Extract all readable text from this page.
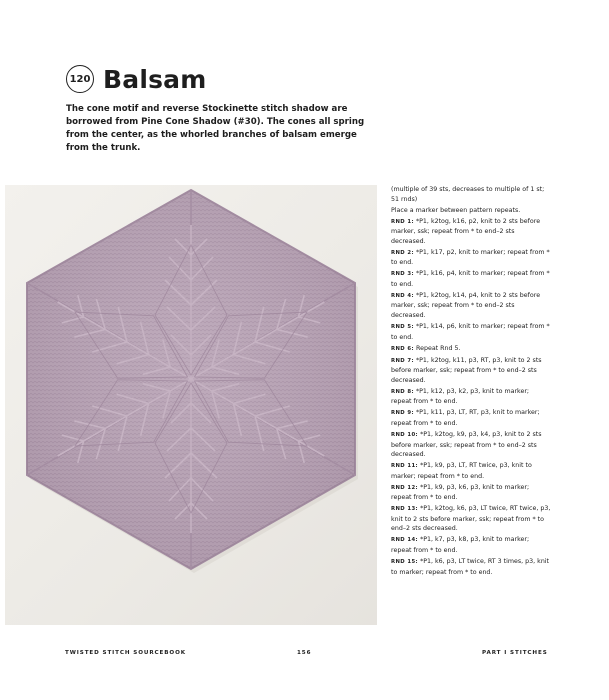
120 Balsam

The cone motif and reverse Stockinette stitch shadow are borrowed from Pine Cone Shadow (#30). The cones all spring from the center, as the whorled branches of balsam emerge from the trunk.

(multiple of 39 sts, decreases to multiple of 1 st; 51 rnds)

Place a marker between pattern repeats.

RND 1: *P1, k2tog, k16, p2, knit to 2 sts before marker, ssk; repeat from * to end–2 sts decreased.

RND 2: *P1, k17, p2, knit to marker; repeat from * to end.

RND 3: *P1, k16, p4, knit to marker; repeat from * to end.

RND 4: *P1, k2tog, k14, p4, knit to 2 sts before marker, ssk; repeat from * to end–2 sts decreased.

RND 5: *P1, k14, p6, knit to marker; repeat from * to end.

RND 6: Repeat Rnd 5.

RND 7: *P1, k2tog, k11, p3, RT, p3, knit to 2 sts before marker, ssk; repeat from * to end–2 sts decreased.

RND 8: *P1, k12, p3, k2, p3, knit to marker; repeat from * to end.

RND 9: *P1, k11, p3, LT, RT, p3, knit to marker; repeat from * to end.

RND 10: *P1, k2tog, k9, p3, k4, p3, knit to 2 sts before marker, ssk; repeat from * to end–2 sts decreased.

RND 11: *P1, k9, p3, LT, RT twice, p3, knit to marker; repeat from * to end.

RND 12: *P1, k9, p3, k6, p3, knit to marker; repeat from * to end.

RND 13: *P1, k2tog, k6, p3, LT twice, RT twice, p3, knit to 2 sts before marker, ssk; repeat from * to end–2 sts decreased.

RND 14: *P1, k7, p3, k8, p3, knit to marker; repeat from * to end.

RND 15: *P1, k6, p3, LT twice, RT 3 times, p3, knit to marker; repeat from * to end.

TWISTED STITCH SOURCEBOOK	156	PART I STITCHES
